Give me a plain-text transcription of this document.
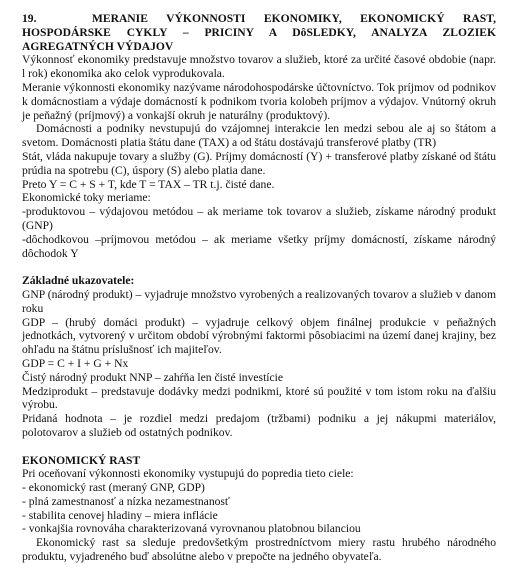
19.	MERANIE VÝKONNOSTI EKONOMIKY, EKONOMICKÝ RAST,
HOSPODÁRSKE CYKLY – PRICINY A DôSLEDKY, ANALYZA ZLOZIEK
AGREGATNÝCH VÝDAJOV

Výkonnosť ekonomiky predstavuje množstvo tovarov a služieb, ktoré za určité časové obdobie (napr. l rok) ekonomika ako celok vyprodukovala.

Meranie výkonnosti ekonomiky nazývame národohospodárske účtovníctvo. Tok príjmov od podnikov k domácnostiam a výdaje domácností k podnikom tvoria kolobeh príjmov a výdajov. Vnútorný okruh je peňažný (príjmový) a vonkajší okruh je naturálny (produktový).

Domácnosti a podniky nevstupujú do vzájomnej interakcie len medzi sebou ale aj so štátom a svetom. Domácnosti platia štátu dane (TAX) a od štátu dostávajú transferové platby (TR)

Stát, vláda nakupuje tovary a služby (G). Príjmy domácností (Y) + transferové platby získané od štátu prúdia na spotrebu (C), úspory (S) alebo platia dane.

Preto Y = C + S + T, kde T = TAX – TR t.j. čisté dane.

Ekonomické toky meriame:

-produktovou – výdajovou metódou – ak meriame tok tovarov a služieb, získame národný produkt (GNP)

-dôchodkovou –príjmovou metódou – ak meriame všetky príjmy domácností, získame národný dôchodok Y

Základné ukazovatele:

GNP (národný produkt) – vyjadruje množstvo vyrobených a realizovaných tovarov a služieb v danom roku

GDP – (hrubý domáci produkt) – vyjadruje celkový objem finálnej produkcie v peňažných jednotkách, vytvorený v určitom období výrobnými faktormi pôsobiacimi na území danej krajiny, bez ohľadu na štátnu príslušnosť ich majiteľov.

GDP = C + I + G + Nx

Čistý národný produkt NNP – zahŕňa len čisté investície

Medziprodukt – predstavuje dodávky medzi podnikmi, ktoré sú použité v tom istom roku na ďalšiu výrobu.

Pridaná hodnota – je rozdiel medzi predajom (tržbami) podniku a jej nákupmi materiálov, polotovarov a služieb od ostatných podnikov.

EKONOMICKÝ RAST

Pri oceňovaní výkonnosti ekonomiky vystupujú do popredia tieto ciele:

- ekonomický rast (meraný GNP, GDP)

- plná zamestnanosť a nízka nezamestnanosť

- stabilita cenovej hladiny – miera inflácie

- vonkajšia rovnováha charakterizovaná vyrovnanou platobnou bilanciou

Ekonomický rast sa sleduje predovšetkým prostredníctvom miery rastu hrubého národného produktu, vyjadreného buď absolútne alebo v prepočte na jedného obyvateľa.
